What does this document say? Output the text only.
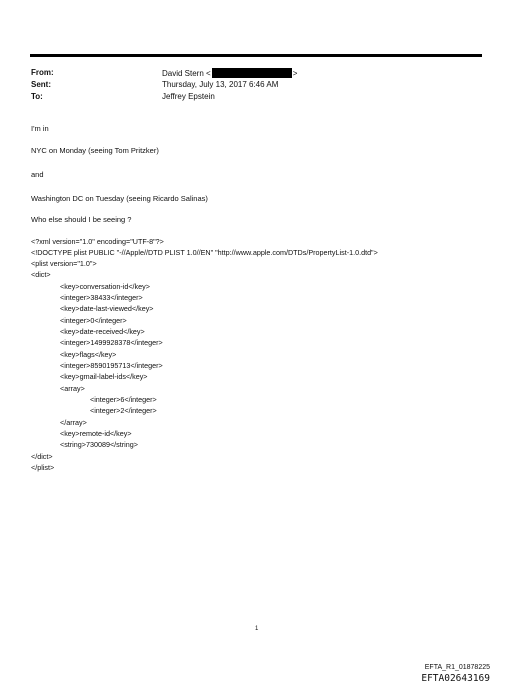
From:	David Stern <	>
Sent:	Thursday, July 13, 2017 6:46 AM
To:	Jeffrey Epstein
I'm in
NYC on Monday (seeing Tom Pritzker)
and
Washington DC on Tuesday (seeing Ricardo Salinas)
Who else should I be seeing ?
<?xml version="1.0" encoding="UTF-8"?>
<!DOCTYPE plist PUBLIC "-//Apple//DTD PLIST 1.0//EN" "http://www.apple.com/DTDs/PropertyList-1.0.dtd">
<plist version="1.0">
<dict>
<key>conversation-id</key>
<integer>38433</integer>
<key>date-last-viewed</key>
<integer>0</integer>
<key>date-received</key>
<integer>1499928378</integer>
<key>flags</key>
<integer>8590195713</integer>
<key>gmail-label-ids</key>
<array>
<integer>6</integer>
<integer>2</integer>
</array>
<key>remote-id</key>
<string>730089</string>
</dict>
</plist>
1
EFTA_R1_01878225
EFTA02643169
